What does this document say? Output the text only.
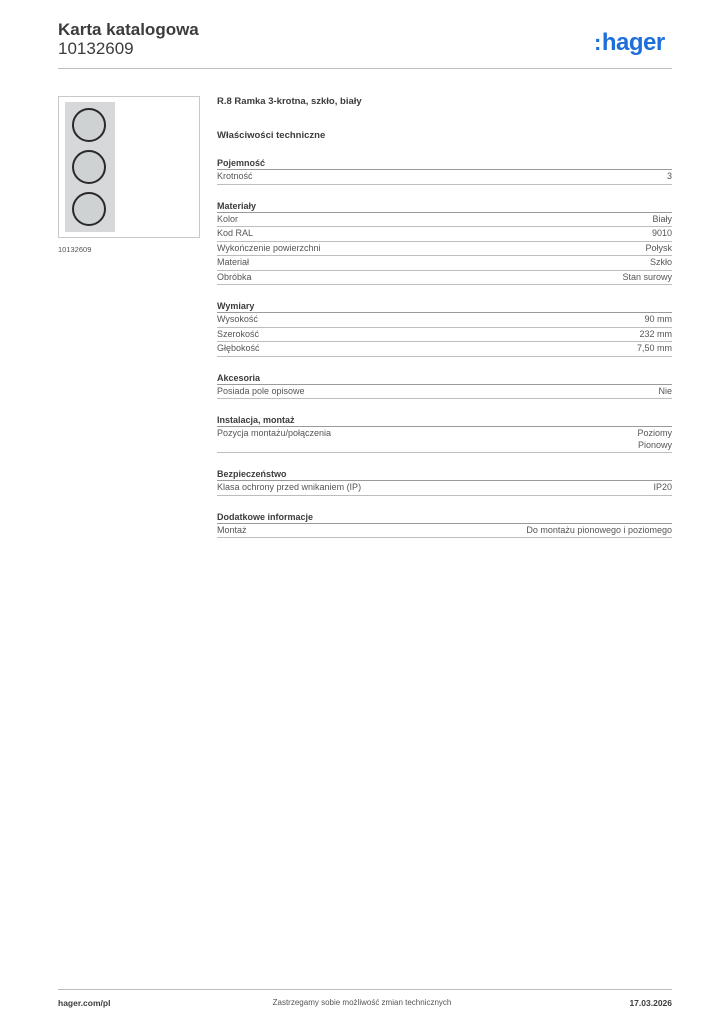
Karta katalogowa
10132609	:hager
10132609
R.8 Ramka 3-krotna, szkło, biały
Właściwości techniczne
Pojemność
Krotność	3
Materiały
Kolor	Biały
Kod RAL	9010
Wykończenie powierzchni	Połysk
Materiał	Szkło
Obróbka	Stan surowy
Wymiary
Wysokość	90 mm
Szerokość	232 mm
Głębokość	7,50 mm
Akcesoria
Posiada pole opisowe	Nie
Instalacja, montaż
Pozycja montażu/połączenia	Poziomy
Pionowy
Bezpieczeństwo
Klasa ochrony przed wnikaniem (IP)	IP20
Dodatkowe informacje
Montaż	Do montażu pionowego i poziomego
Zastrzegamy sobie możliwość zmian technicznych
hager.com/pl	17.03.2026
